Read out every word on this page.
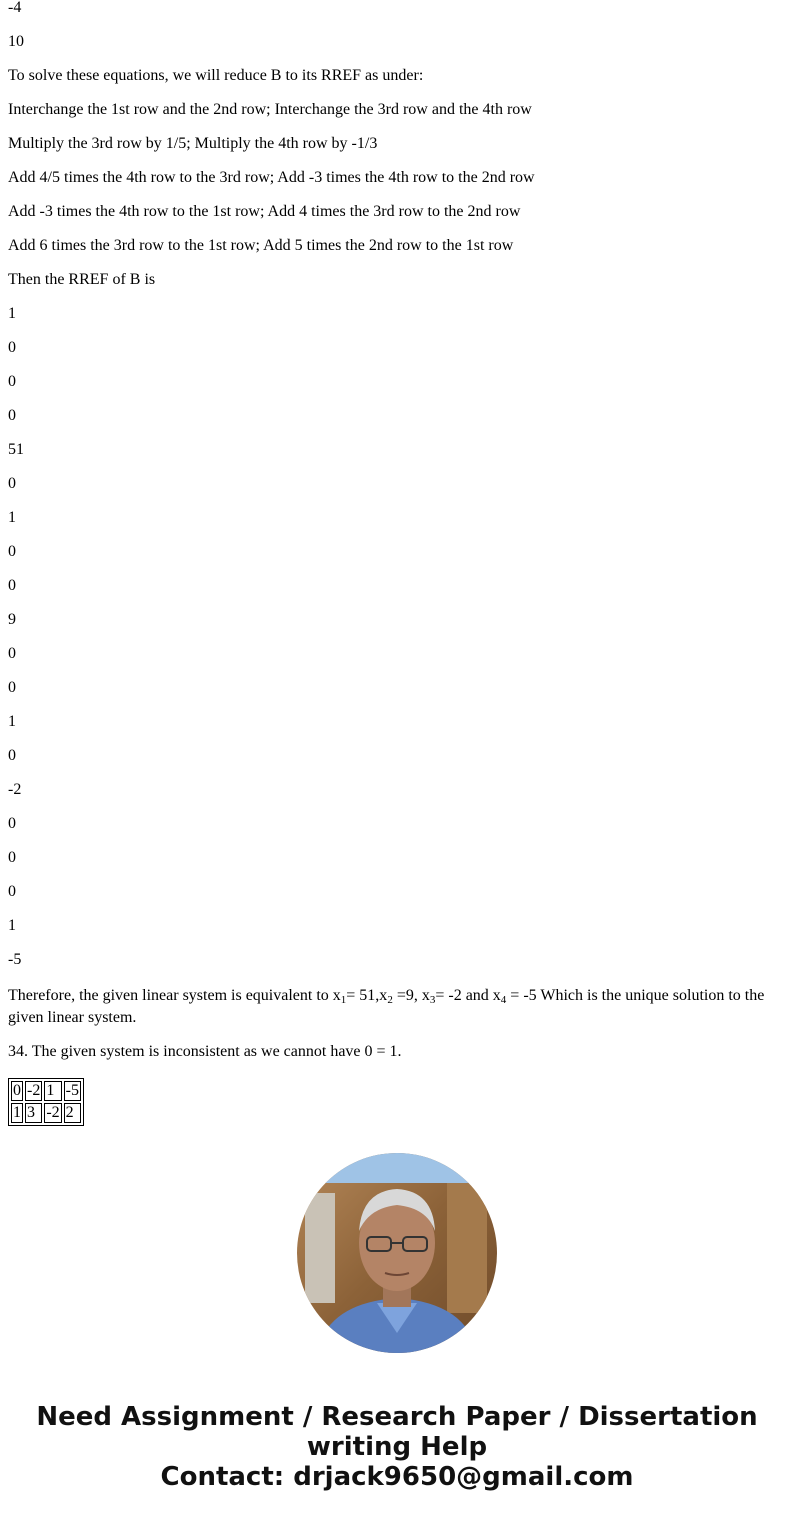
-4

10

To solve these equations, we will reduce B to its RREF as under:

Interchange the 1st row and the 2nd row; Interchange the 3rd row and the 4th row

Multiply the 3rd row by 1/5; Multiply the 4th row by -1/3

Add 4/5 times the 4th row to the 3rd row; Add -3 times the 4th row to the 2nd row

Add -3 times the 4th row to the 1st row; Add 4 times the 3rd row to the 2nd row

Add 6 times the 3rd row to the 1st row; Add 5 times the 2nd row to the 1st row

Then the RREF of B is

1

0

0

0

51

0

1

0

0

9

0

0

1

0

-2

0

0

0

1

-5

Therefore, the given linear system is equivalent to $x_1= 51,x_2 =9$, $x_3= -2$ and $x_4 = -5$ Which is the unique solution to the given linear system.

34. The given system is inconsistent as we cannot have 0 = 1.

0	-2	1	-5
1	3	-2	2
Need Assignment / Research Paper / Dissertation
writing Help
Contact: drjack9650@gmail.com
